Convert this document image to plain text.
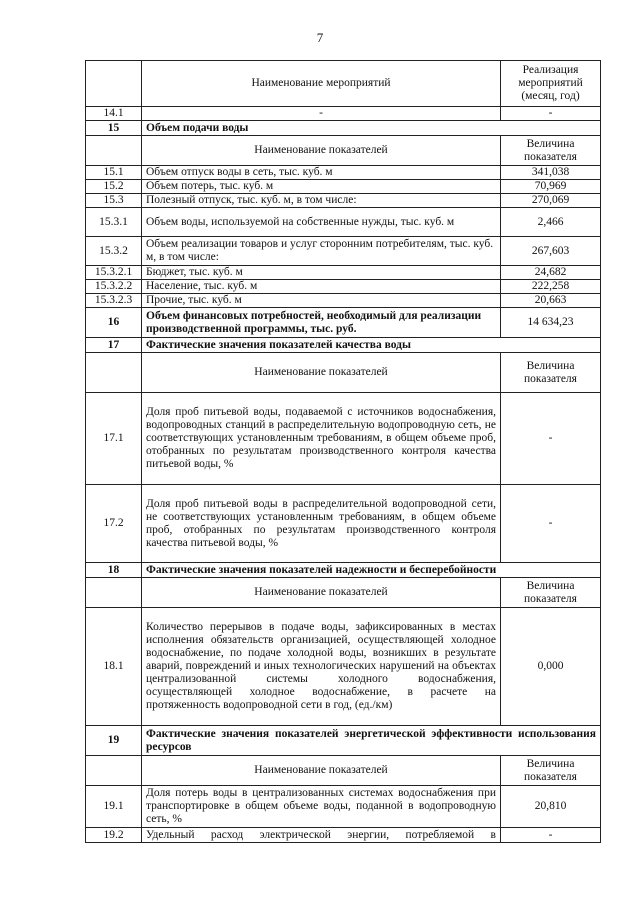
7
	Наименование мероприятий	Реализация мероприятий (месяц, год)
14.1	-	-
15	Объем подачи воды	
	Наименование показателей	Величина показателя
15.1	Объем отпуск воды в сеть, тыс. куб. м	341,038
15.2	Объем потерь, тыс. куб. м	70,969
15.3	Полезный отпуск, тыс. куб. м, в том числе:	270,069
15.3.1	Объем воды, используемой на собственные нужды, тыс. куб. м	2,466
15.3.2	Объем реализации товаров и услуг сторонним потребителям, тыс. куб. м, в том числе:	267,603
15.3.2.1	Бюджет, тыс. куб. м	24,682
15.3.2.2	Население, тыс. куб. м	222,258
15.3.2.3	Прочие, тыс. куб. м	20,663
16	Объем финансовых потребностей, необходимый для реализации производственной программы, тыс. руб.	14 634,23
17	Фактические значения показателей качества воды	
	Наименование показателей	Величина показателя
17.1	Доля проб питьевой воды, подаваемой с источников водоснабжения, водопроводных станций в распределительную водопроводную сеть, не соответствующих установленным требованиям, в общем объеме проб, отобранных по результатам производственного контроля качества питьевой воды, %	-
17.2	Доля проб питьевой воды в распределительной водопроводной сети, не соответствующих установленным требованиям, в общем объеме проб, отобранных по результатам производственного контроля качества питьевой воды, %	-
18	Фактические значения показателей надежности и бесперебойности	
	Наименование показателей	Величина показателя
18.1	Количество перерывов в подаче воды, зафиксированных в местах исполнения обязательств организацией, осуществляющей холодное водоснабжение, по подаче холодной воды, возникших в результате аварий, повреждений и иных технологических нарушений на объектах централизованной системы холодного водоснабжения, осуществляющей холодное водоснабжение, в расчете на протяженность водопроводной сети в год, (ед./км)	0,000
19	Фактические значения показателей энергетической эффективности использования ресурсов	
	Наименование показателей	Величина показателя
19.1	Доля потерь воды в централизованных системах водоснабжения при транспортировке в общем объеме воды, поданной в водопроводную сеть, %	20,810
19.2	Удельный расход электрической энергии, потребляемой в	-
